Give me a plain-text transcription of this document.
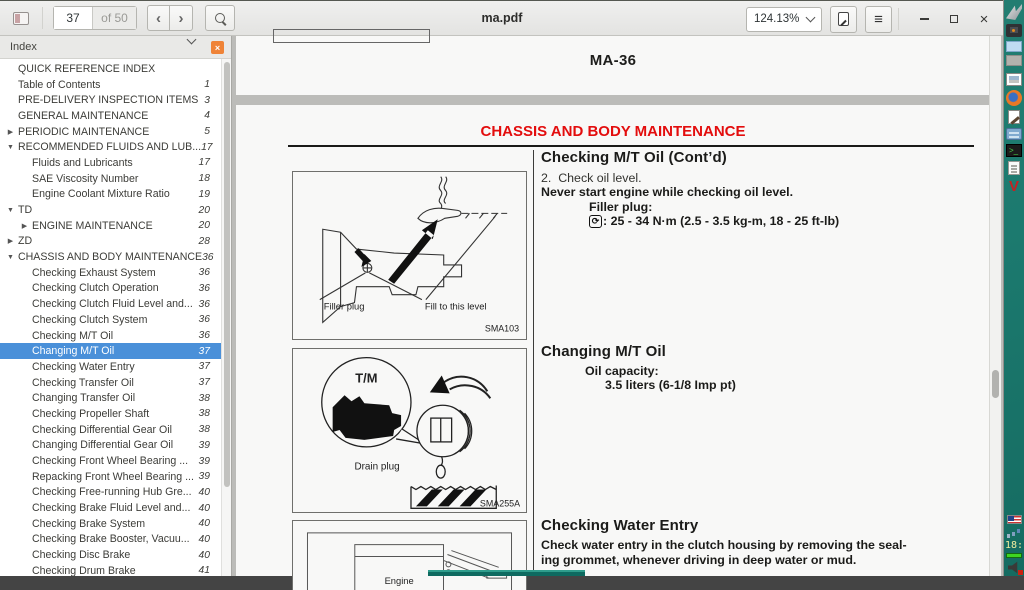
37
of 50	‹ ›	ma.pdf	124.13%	≡	×
Index	×
QUICK REFERENCE INDEX
Table of Contents	1
PRE-DELIVERY INSPECTION ITEMS 3
GENERAL MAINTENANCE	4
▶ PERIODIC MAINTENANCE	5
▼ RECOMMENDED FLUIDS AND LUB... 17
Fluids and Lubricants	17
SAE Viscosity Number	18
Engine Coolant Mixture Ratio	19
▼ TD	20
▶ ENGINE MAINTENANCE	20
▶ ZD	28
▼ CHASSIS AND BODY MAINTENANCE 36
Checking Exhaust System	36
Checking Clutch Operation	36
Checking Clutch Fluid Level and... 36
Checking Clutch System	36
Checking M/T Oil	36
Changing M/T Oil	37
Checking Water Entry	37
Checking Transfer Oil	37
Changing Transfer Oil	38
Checking Propeller Shaft	38
Checking Differential Gear Oil	38
Changing Differential Gear Oil 39
Checking Front Wheel Bearing ... 39
Repacking Front Wheel Bearing ... 39
Checking Free-running Hub Gre... 40
Checking Brake Fluid Level and... 40
Checking Brake System	40
Checking Brake Booster, Vacuu... 40
Checking Disc Brake	40
Checking Drum Brake	41
MA-36
CHASSIS AND BODY MAINTENANCE
Filler plug	Fill to this level
SMA103
T/M
Drain plug
SMA255A
Engine
Checking M/T Oil (Cont’d)
2.  Check oil level.
Never start engine while checking oil level.
Filler plug:
⟳ : 25 - 34 N·m (2.5 - 3.5 kg-m, 18 - 25 ft-lb)
Changing M/T Oil
Oil capacity:
3.5 liters (6-1/8 Imp pt)
Checking Water Entry
Check water entry in the clutch housing by removing the seal-
ing grommet, whenever driving in deep water or mud.
>_
V
18:
